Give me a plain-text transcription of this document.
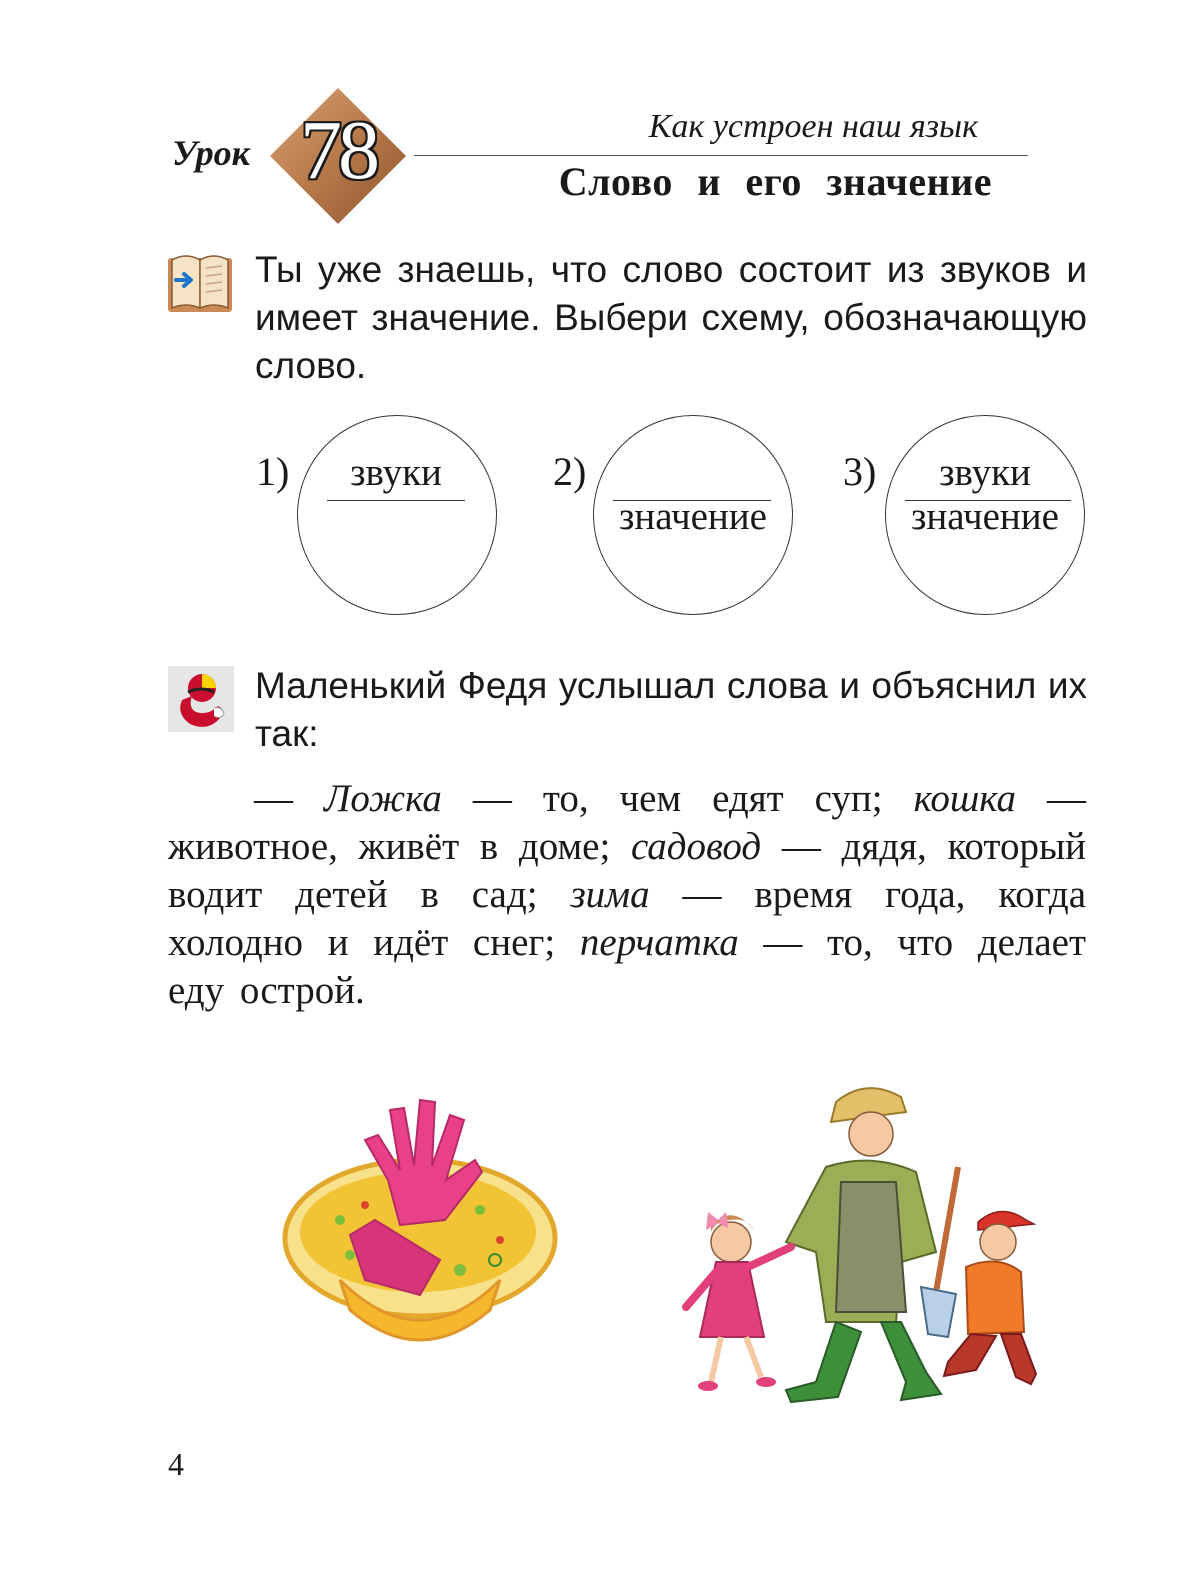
Урок 78	Как устроен наш язык
Слово и его значение
Ты уже знаешь, что слово состоит из звуков и имеет значение. Выбери схему, обозначающую слово.
1)	звуки	2)
значение
3)	звуки
значение
Маленький Федя услышал слова и объяснил их так:
— Ложка — то, чем едят суп; кошка — животное, живёт в доме; садовод — дядя, который водит детей в сад; зима — время года, когда холодно и идёт снег; перчатка — то, что делает еду острой.
4
